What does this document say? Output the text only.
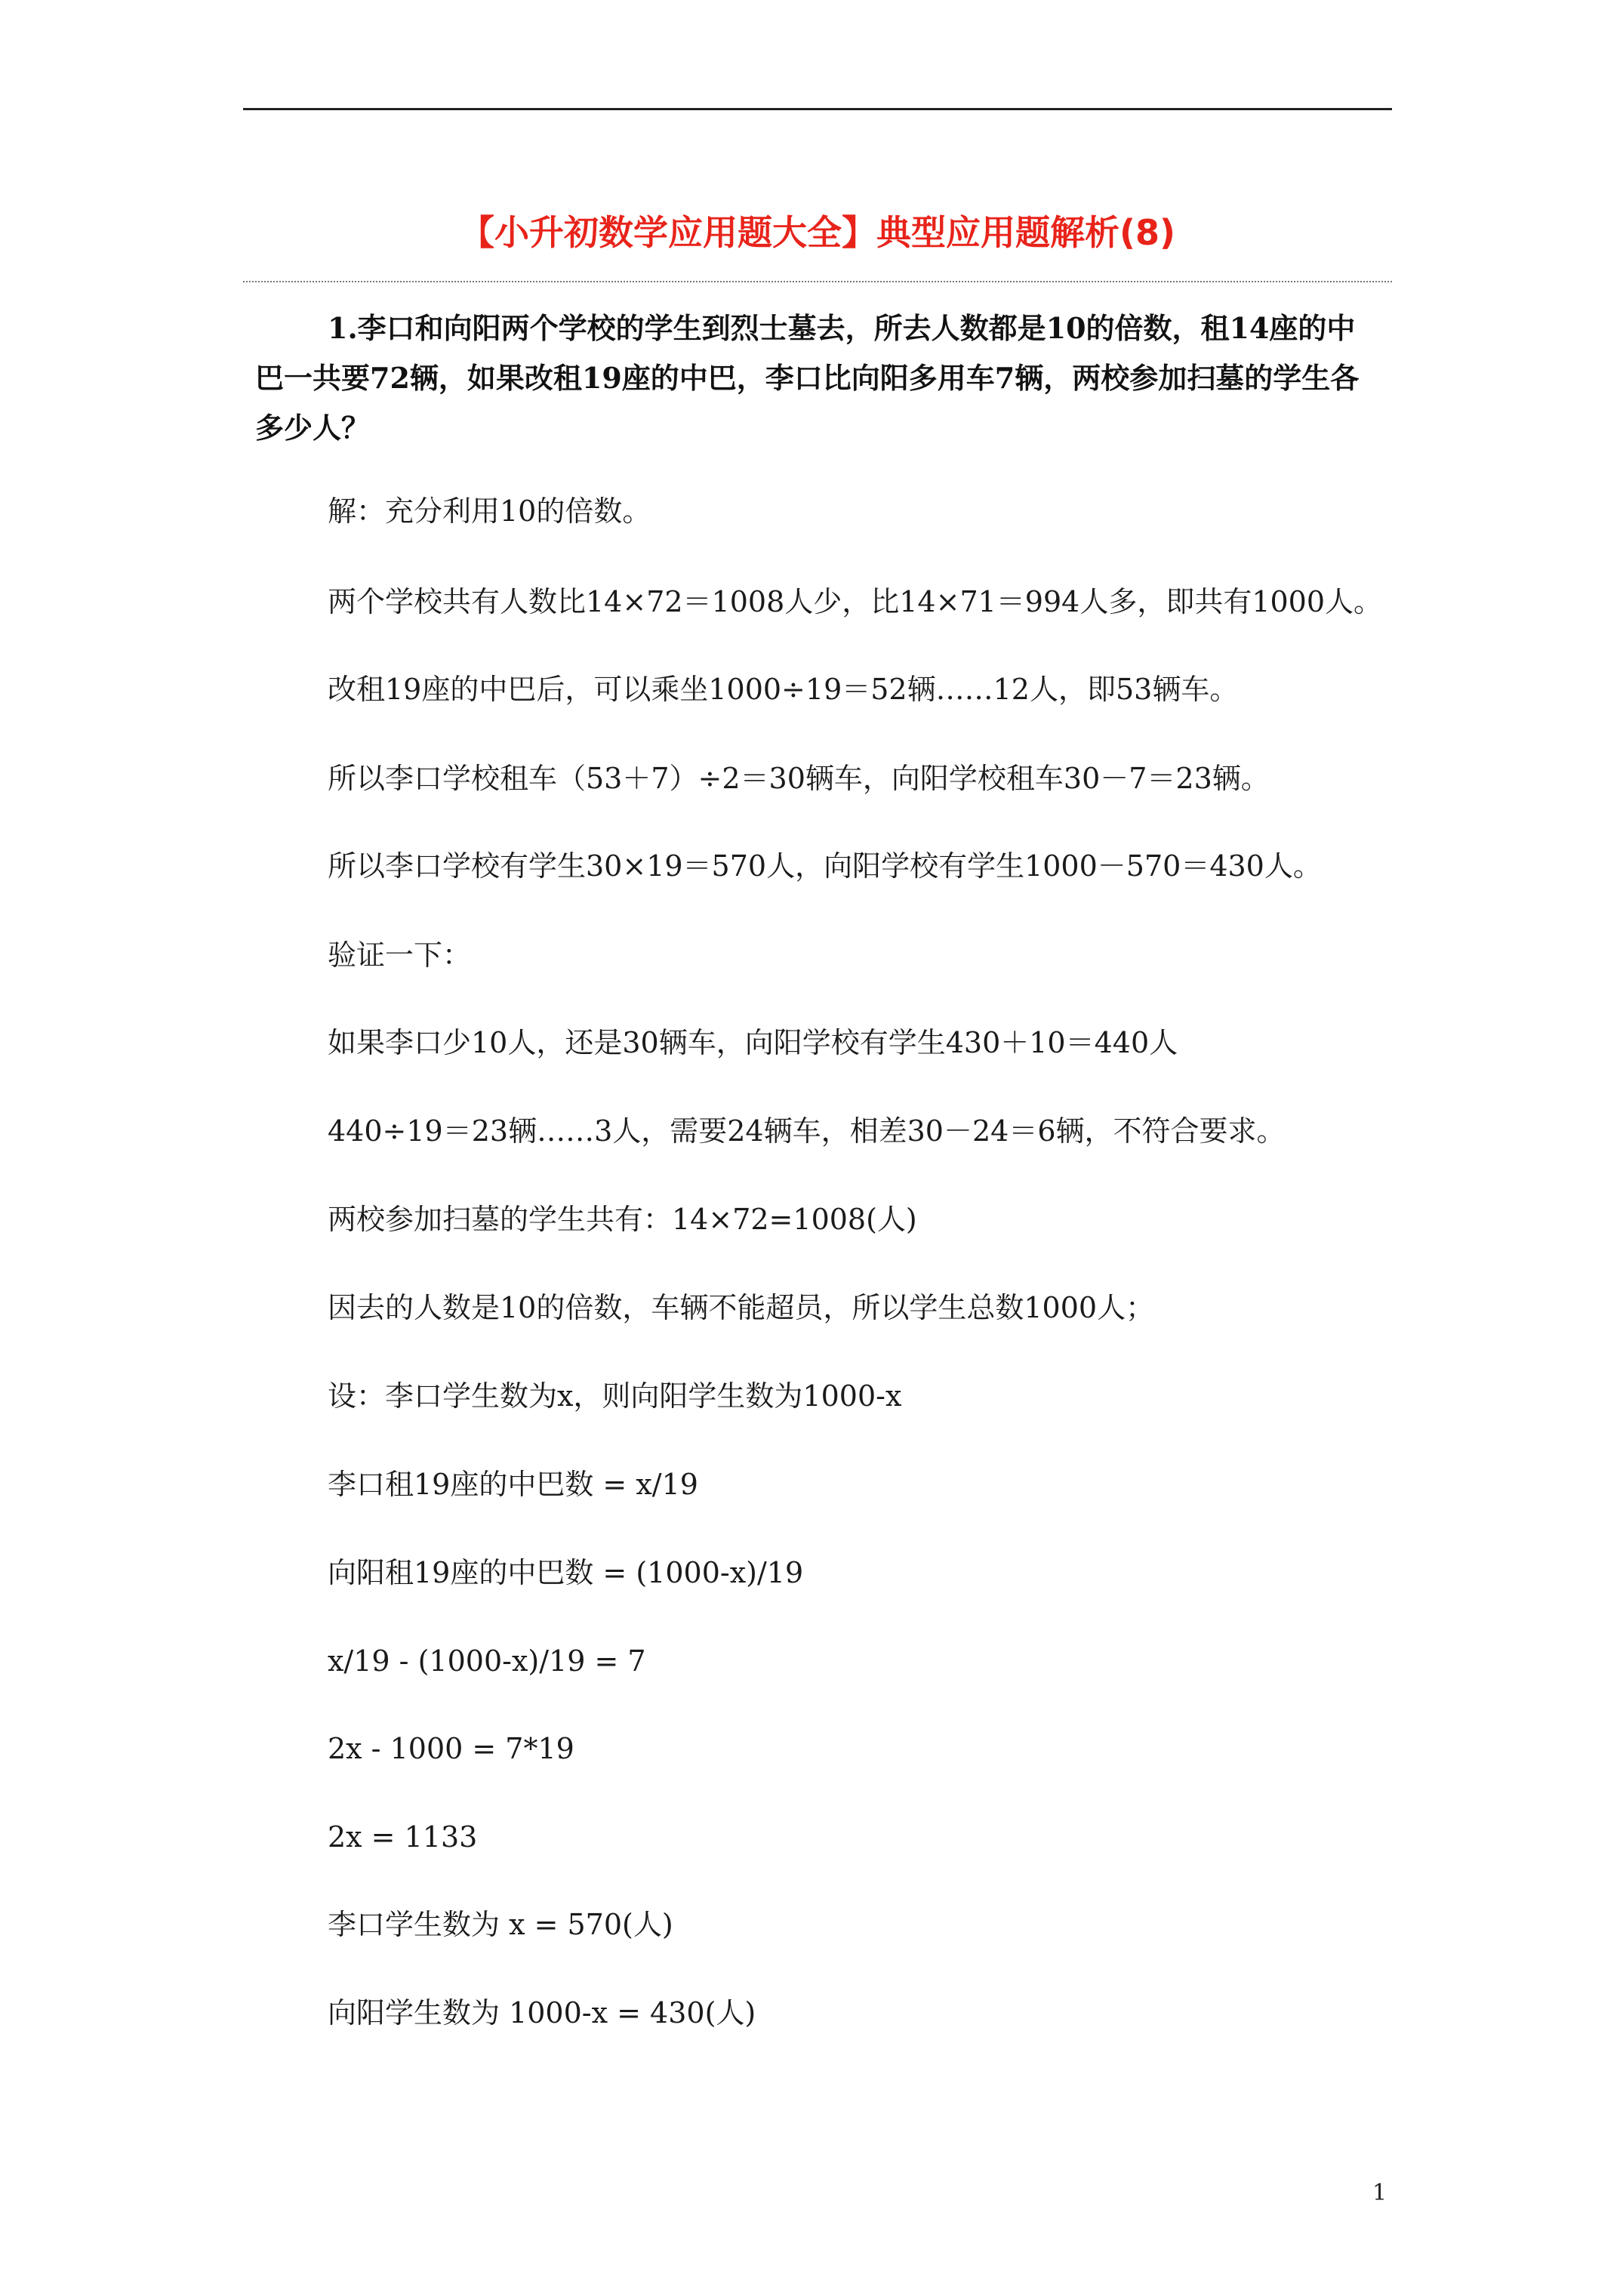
【小升初数学应用题大全】典型应用题解析(8)
1.李口和向阳两个学校的学生到烈士墓去，所去人数都是10的倍数，租14座的中巴一共要72辆，如果改租19座的中巴，李口比向阳多用车7辆，两校参加扫墓的学生各多少人？
解：充分利用10的倍数。
两个学校共有人数比14×72＝1008人少，比14×71＝994人多，即共有1000人。
改租19座的中巴后，可以乘坐1000÷19＝52辆……12人，即53辆车。
所以李口学校租车（53＋7）÷2＝30辆车，向阳学校租车30－7＝23辆。
所以李口学校有学生30×19＝570人，向阳学校有学生1000－570＝430人。
验证一下：
如果李口少10人，还是30辆车，向阳学校有学生430＋10＝440人
440÷19＝23辆……3人，需要24辆车，相差30－24＝6辆，不符合要求。
两校参加扫墓的学生共有：14×72=1008(人)
因去的人数是10的倍数，车辆不能超员，所以学生总数1000人；
设：李口学生数为x，则向阳学生数为1000-x
李口租19座的中巴数 = x/19
向阳租19座的中巴数 = (1000-x)/19
x/19 - (1000-x)/19 = 7
2x - 1000 = 7*19
2x = 1133
李口学生数为 x = 570(人)
向阳学生数为 1000-x = 430(人)
1
